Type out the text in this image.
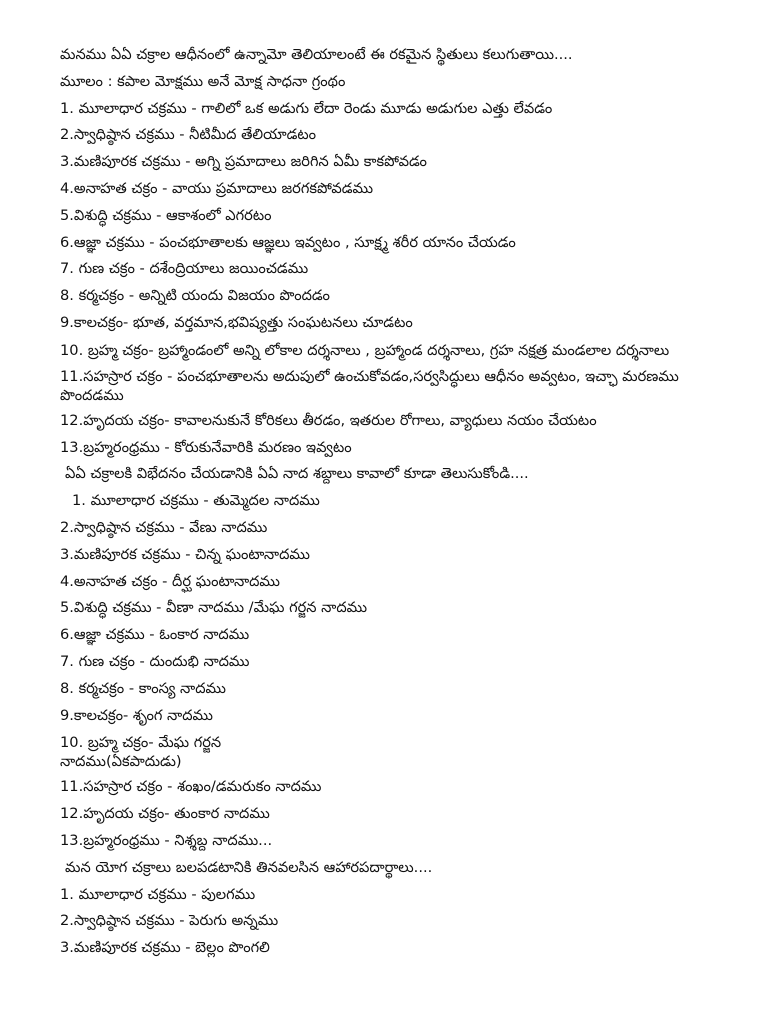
మనము ఏఏ చక్రాల ఆధీనంలో ఉన్నామో తెలియాలంటే ఈ రకమైన స్థితులు కలుగుతాయి....

మూలం : కపాల మోక్షము అనే మోక్ష సాధనా గ్రంథం

1. మూలాధార చక్రము - గాలిలో ఒక అడుగు లేదా రెండు మూడు అడుగుల ఎత్తు లేవడం

2.స్వాధిష్ఠాన చక్రము - నీటిమీద తేలియాడటం

3.మణిపూరక చక్రము - అగ్ని ప్రమాదాలు జరిగిన ఏమీ కాకపోవడం

4.అనాహత చక్రం - వాయు ప్రమాదాలు జరగకపోవడము

5.విశుద్ధి చక్రము - ఆకాశంలో ఎగరటం

6.ఆజ్ఞా చక్రము - పంచభూతాలకు ఆజ్ఞలు ఇవ్వటం , సూక్ష్మ శరీర యానం చేయడం

7. గుణ చక్రం - దశేంద్రియాలు జయించడము

8. కర్మచక్రం - అన్నిటి యందు విజయం పొందడం

9.కాలచక్రం- భూత, వర్తమాన,భవిష్యత్తు సంఘటనలు చూడటం

10. బ్రహ్మ చక్రం- బ్రహ్మాండంలో అన్ని లోకాల దర్శనాలు , బ్రహ్మాండ దర్శనాలు, గ్రహ నక్షత్ర మండలాల దర్శనాలు

11.సహస్రార చక్రం - పంచభూతాలను అదుపులో ఉంచుకోవడం,సర్వసిద్ధులు ఆధీనం అవ్వటం, ఇచ్ఛా మరణము పొందడము

12.హృదయ చక్రం- కావాలనుకునే కోరికలు తీరడం, ఇతరుల రోగాలు, వ్యాధులు నయం చేయటం

13.బ్రహ్మరంధ్రము - కోరుకునేవారికి మరణం ఇవ్వటం

ఏఏ చక్రాలకి విభేదనం చేయడానికి ఏఏ నాద శబ్దాలు కావాలో కూడా తెలుసుకోండి....

1. మూలాధార చక్రము - తుమ్మెదల నాదము

2.స్వాధిష్ఠాన చక్రము - వేణు నాదము

3.మణిపూరక చక్రము - చిన్న ఘంటానాదము

4.అనాహత చక్రం - దీర్ఘ ఘంటానాదము

5.విశుద్ధి చక్రము - వీణా నాదము /మేఘ గర్జన నాదము

6.ఆజ్ఞా చక్రము - ఓంకార నాదము

7. గుణ చక్రం - దుందుభి నాదము

8. కర్మచక్రం - కాంస్య నాదము

9.కాలచక్రం- శృంగ నాదము

10. బ్రహ్మ చక్రం- మేఘ గర్జన
నాదము(ఏకపాదుడు)

11.సహస్రార చక్రం - శంఖం/డమరుకం నాదము

12.హృదయ చక్రం- తుంకార నాదము

13.బ్రహ్మరంధ్రము - నిశ్శబ్ద నాదము...

మన యోగ చక్రాలు బలపడటానికి తినవలసిన ఆహారపదార్థాలు....

1. మూలాధార చక్రము - పులగము

2.స్వాధిష్ఠాన చక్రము - పెరుగు అన్నము

3.మణిపూరక చక్రము - బెల్లం పొంగలి
